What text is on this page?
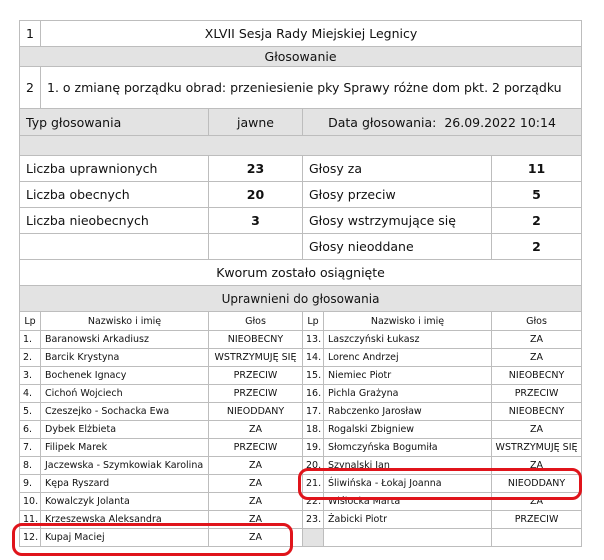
1	XLVII Sesja Rady Miejskiej Legnicy				
Głosowanie					
2	1. o zmianę porządku obrad: przeniesienie pky Sprawy różne dom pkt. 2 porządku				
Typ głosowania		jawne	Data głosowania: 26.09.2022 10:14		

Liczba uprawnionych		23	Głosy za		11
Liczba obecnych		20	Głosy przeciw		5
Liczba nieobecnych		3	Głosy wstrzymujące się		2
			Głosy nieoddane		2
Kworum zostało osiągnięte					
Uprawnieni do głosowania					
Lp	Nazwisko i imię	Głos	Lp	Nazwisko i imię	Głos
1.	Baranowski Arkadiusz	NIEOBECNY	13.	Laszczyński Łukasz	ZA
2.	Barcik Krystyna	WSTRZYMUJĘ SIĘ	14.	Lorenc Andrzej	ZA
3.	Bochenek Ignacy	PRZECIW	15.	Niemiec Piotr	NIEOBECNY
4.	Cichoń Wojciech	PRZECIW	16.	Pichla Grażyna	PRZECIW
5.	Czeszejko - Sochacka Ewa	NIEODDANY	17.	Rabczenko Jarosław	NIEOBECNY
6.	Dybek Elżbieta	ZA	18.	Rogalski Zbigniew	ZA
7.	Filipek Marek	PRZECIW	19.	Słomczyńska Bogumiła	WSTRZYMUJĘ SIĘ
8.	Jaczewska - Szymkowiak Karolina	ZA	20.	Szynalski Jan	ZA
9.	Kępa Ryszard	ZA	21.	Śliwińska - Łokaj Joanna	NIEODDANY
10.	Kowalczyk Jolanta	ZA	22.	Wiśłocka Marta	ZA
11.	Krzeszewska Aleksandra	ZA	23.	Żabicki Piotr	PRZECIW
12.	Kupaj Maciej	ZA			
